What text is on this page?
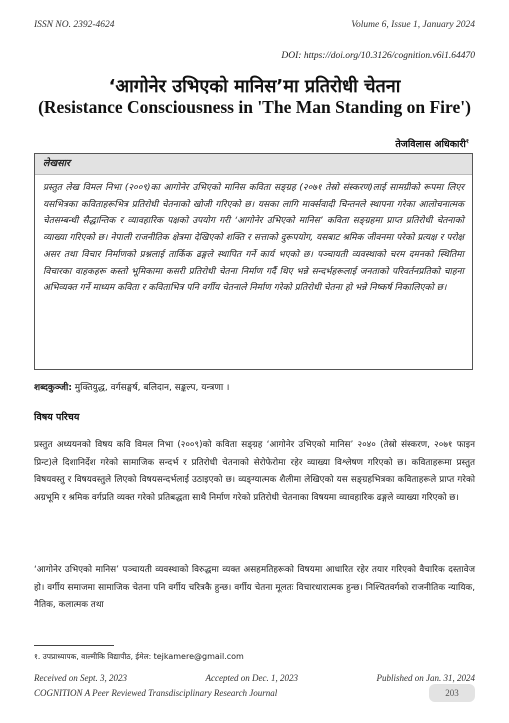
ISSN NO. 2392-4624	Volume 6, Issue 1, January 2024
DOI: https://doi.org/10.3126/cognition.v6i1.64470
‘आगोनेर उभिएको मानिस’मा प्रतिरोधी चेतना
(Resistance Consciousness in 'The Man Standing on Fire')
तेजविलास अधिकारी$^१$
लेखसार
प्रस्तुत लेख विमल निभा (२००९)का आगोनेर उभिएको मानिस कविता सङ्ग्रह (२०७१ तेस्रो संस्करण)लाई सामग्रीको रूपमा लिएर यसभित्रका कविताहरूभित्र प्रतिरोधी चेतनाको खोजी गरिएको छ। यसका लागि मार्क्सवादी चिन्तनले स्थापना गरेका आलोचनात्मक चेतसम्बन्धी सैद्धान्तिक र व्यावहारिक पक्षको उपयोग गरी ‘आगोनेर उभिएको मानिस’ कविता सङ्ग्रहमा प्राप्त प्रतिरोधी चेतनाको व्याख्या गरिएको छ। नेपाली राजनीतिक क्षेत्रमा देखिएको शक्ति र सत्ताको दुरूपयोग, यसबाट श्रमिक जीवनमा परेको प्रत्यक्ष र परोक्ष असर तथा विचार निर्माणको प्रश्नलाई तार्किक ढङ्गले स्थापित गर्ने कार्य भएको छ। पञ्चायती व्यवस्थाको चरम दमनको स्थितिमा विचारका वाहकहरू कस्तो भूमिकामा कसरी प्रतिरोधी चेतना निर्माण गर्दै थिए भन्ने सन्दर्भहरूलाई जनताको परिवर्तनप्रतिको चाहना अभिव्यक्त गर्ने माध्यम कविता र कविताभित्र पनि वर्गीय चेतनाले निर्माण गरेको प्रतिरोधी चेतना हो भन्ने निष्कर्ष निकालिएको छ।
शब्दकुञ्जी: मुक्तियुद्ध, वर्गसङ्घर्ष, बलिदान, सङ्कल्प, यन्त्रणा ।
विषय परिचय
प्रस्तुत अध्ययनको विषय कवि विमल निभा (२००९)को कविता सङ्ग्रह ‘आगोनेर उभिएको मानिस’ २०४० (तेस्रो संस्करण, २०७१ फाइन प्रिन्ट)ले दिशानिर्देश गरेको सामाजिक सन्दर्भ र प्रतिरोधी चेतनाको सेरोफेरोमा रहेर व्याख्या विश्लेषण गरिएको छ। कविताहरूमा प्रस्तुत विषयवस्तु र विषयवस्तुले लिएको विषयसन्दर्भलाई उठाइएको छ। व्यङ्ग्यात्मक शैलीमा लेखिएको यस सङ्ग्रहभित्रका कविताहरूले प्राप्त गरेको अग्रभूमि र श्रमिक वर्गप्रति व्यक्त गरेको प्रतिबद्धता साथै निर्माण गरेको प्रतिरोधी चेतनाका विषयमा व्यावहारिक ढङ्गले व्याख्या गरिएको छ।
‘आगोनेर उभिएको मानिस’ पञ्चायती व्यवस्थाको विरुद्धमा व्यक्त असहमतिहरूको विषयमा आधारित रहेर तयार गरिएको वैचारिक दस्तावेज हो। वर्गीय समाजमा सामाजिक चेतना पनि वर्गीय चरित्रकै हुन्छ। वर्गीय चेतना मूलतः विचारधारात्मक हुन्छ। निश्चितवर्गको राजनीतिक न्यायिक, नैतिक, कलात्मक तथा
१. उपप्राध्यापक, वाल्मीकि विद्यापीठ, ईमेल: tejkamere@gmail.com
Received on Sept. 3, 2023	Accepted on Dec. 1, 2023	Published on Jan. 31, 2024
COGNITION A Peer Reviewed Transdisciplinary Research Journal	203
